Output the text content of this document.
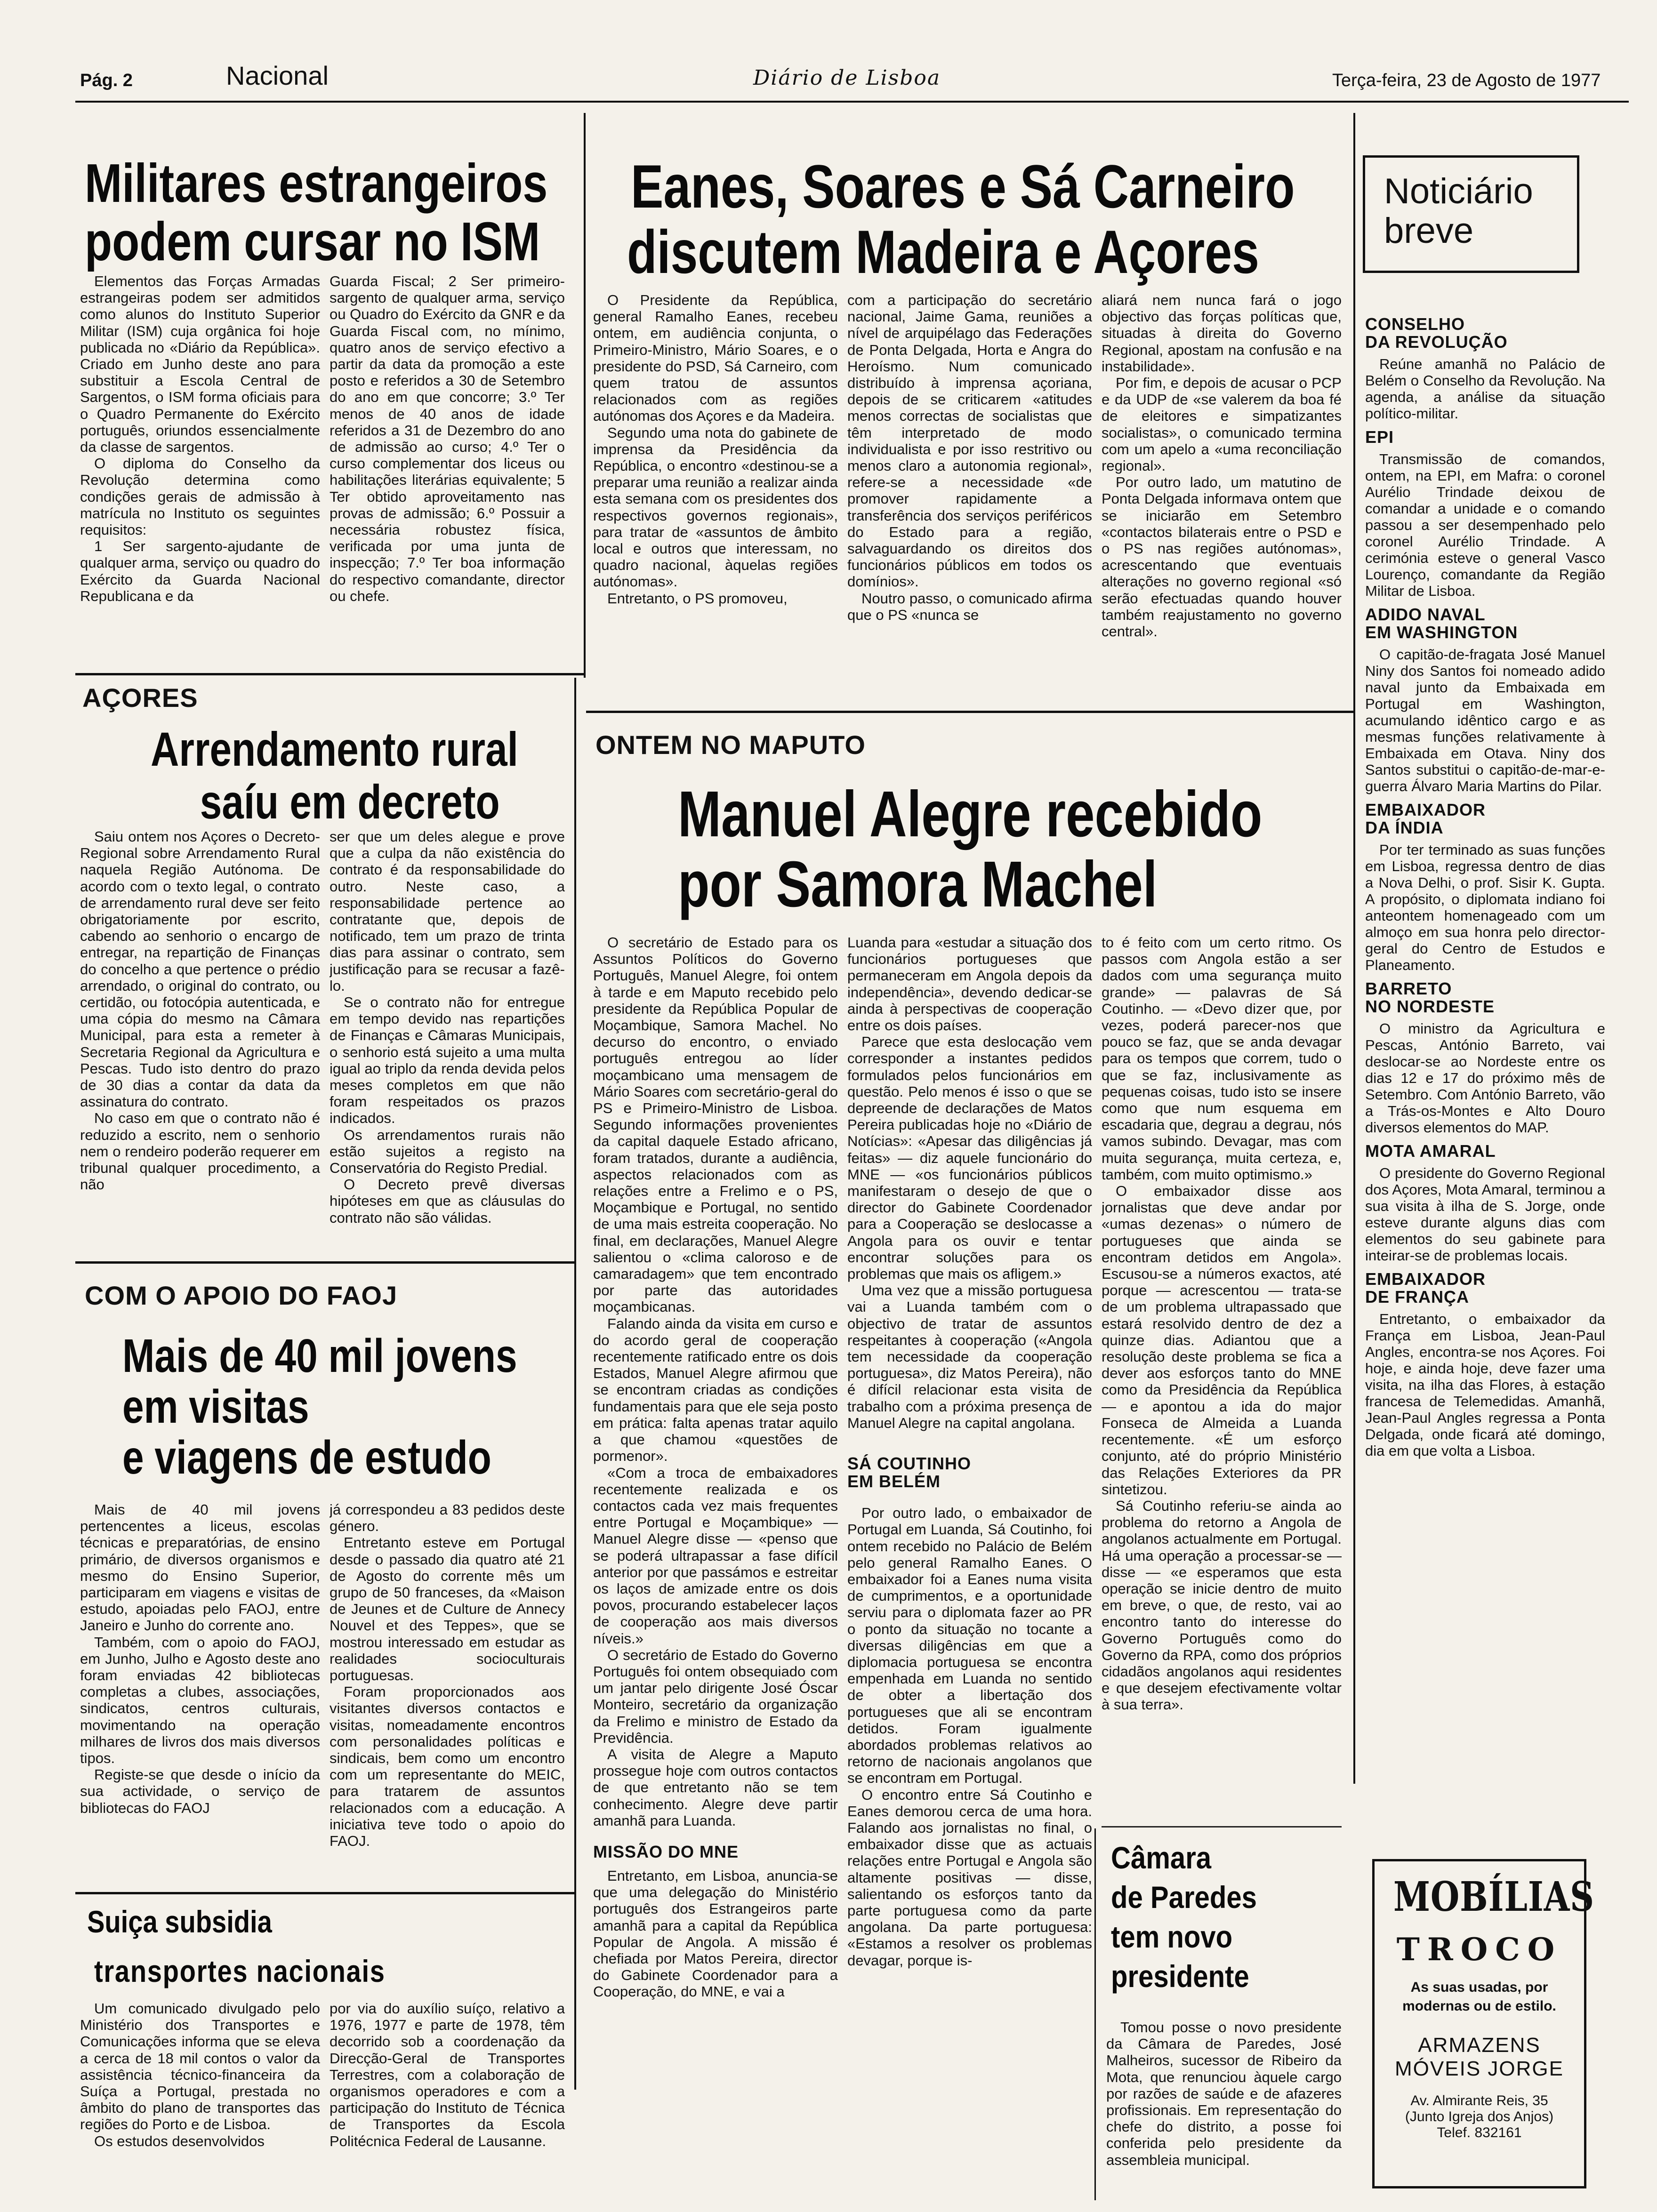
Pág. 2	Nacional	Diário de Lisboa	Terça-feira, 23 de Agosto de 1977
Militares estrangeiros
podem cursar no ISM

Elementos das Forças Armadas estrangeiras podem ser admitidos como alunos do Instituto Superior Militar (ISM) cuja orgânica foi hoje publicada no «Diário da República». Criado em Junho deste ano para substituir a Escola Central de Sargentos, o ISM forma oficiais para o Quadro Permanente do Exército português, oriundos essencialmente da classe de sargentos.

O diploma do Conselho da Revolução determina como condições gerais de admissão à matrícula no Instituto os seguintes requisitos:

1 Ser sargento-ajudante de qualquer arma, serviço ou quadro do Exército da Guarda Nacional Republicana e da

Guarda Fiscal; 2 Ser primeiro-sargento de qualquer arma, serviço ou Quadro do Exército da GNR e da Guarda Fiscal com, no mínimo, quatro anos de serviço efectivo a partir da data da promoção a este posto e referidos a 30 de Setembro do ano em que concorre; 3.º Ter menos de 40 anos de idade referidos a 31 de Dezembro do ano de admissão ao curso; 4.º Ter o curso complementar dos liceus ou habilitações literárias equivalente; 5 Ter obtido aproveitamento nas provas de admissão; 6.º Possuir a necessária robustez física, verificada por uma junta de inspecção; 7.º Ter boa informação do respectivo comandante, director ou chefe.

Eanes, Soares e Sá Carneiro
discutem Madeira e Açores

O Presidente da República, general Ramalho Eanes, recebeu ontem, em audiência conjunta, o Primeiro-Ministro, Mário Soares, e o presidente do PSD, Sá Carneiro, com quem tratou de assuntos relacionados com as regiões autónomas dos Açores e da Madeira.

Segundo uma nota do gabinete de imprensa da Presidência da República, o encontro «destinou-se a preparar uma reunião a realizar ainda esta semana com os presidentes dos respectivos governos regionais», para tratar de «assuntos de âmbito local e outros que interessam, no quadro nacional, àquelas regiões autónomas».

Entretanto, o PS promoveu,

com a participação do secretário nacional, Jaime Gama, reuniões a nível de arquipélago das Federações de Ponta Delgada, Horta e Angra do Heroísmo. Num comunicado distribuído à imprensa açoriana, depois de se criticarem «atitudes menos correctas de socialistas que têm interpretado de modo individualista e por isso restritivo ou menos claro a autonomia regional», refere-se a necessidade «de promover rapidamente a transferência dos serviços periféricos do Estado para a região, salvaguardando os direitos dos funcionários públicos em todos os domínios».

Noutro passo, o comunicado afirma que o PS «nunca se

aliará nem nunca fará o jogo objectivo das forças políticas que, situadas à direita do Governo Regional, apostam na confusão e na instabilidade».

Por fim, e depois de acusar o PCP e da UDP de «se valerem da boa fé de eleitores e simpatizantes socialistas», o comunicado termina com um apelo a «uma reconciliação regional».

Por outro lado, um matutino de Ponta Delgada informava ontem que se iniciarão em Setembro «contactos bilaterais entre o PSD e o PS nas regiões autónomas», acrescentando que eventuais alterações no governo regional «só serão efectuadas quando houver também reajustamento no governo central».

Noticiário
breve
CONSELHO
DA REVOLUÇÃO

Reúne amanhã no Palácio de Belém o Conselho da Revolução. Na agenda, a análise da situação político-militar.

EPI

Transmissão de comandos, ontem, na EPI, em Mafra: o coronel Aurélio Trindade deixou de comandar a unidade e o comando passou a ser desempenhado pelo coronel Aurélio Trindade. A cerimónia esteve o general Vasco Lourenço, comandante da Região Militar de Lisboa.

ADIDO NAVAL
EM WASHINGTON

O capitão-de-fragata José Manuel Niny dos Santos foi nomeado adido naval junto da Embaixada em Portugal em Washington, acumulando idêntico cargo e as mesmas funções relativamente à Embaixada em Otava. Niny dos Santos substitui o capitão-de-mar-e-guerra Álvaro Maria Martins do Pilar.

EMBAIXADOR
DA ÍNDIA

Por ter terminado as suas funções em Lisboa, regressa dentro de dias a Nova Delhi, o prof. Sisir K. Gupta. A propósito, o diplomata indiano foi anteontem homenageado com um almoço em sua honra pelo director-geral do Centro de Estudos e Planeamento.

BARRETO
NO NORDESTE

O ministro da Agricultura e Pescas, António Barreto, vai deslocar-se ao Nordeste entre os dias 12 e 17 do próximo mês de Setembro. Com António Barreto, vão a Trás-os-Montes e Alto Douro diversos elementos do MAP.

MOTA AMARAL

O presidente do Governo Regional dos Açores, Mota Amaral, terminou a sua visita à ilha de S. Jorge, onde esteve durante alguns dias com elementos do seu gabinete para inteirar-se de problemas locais.

EMBAIXADOR
DE FRANÇA

Entretanto, o embaixador da França em Lisboa, Jean-Paul Angles, encontra-se nos Açores. Foi hoje, e ainda hoje, deve fazer uma visita, na ilha das Flores, à estação francesa de Telemedidas. Amanhã, Jean-Paul Angles regressa a Ponta Delgada, onde ficará até domingo, dia em que volta a Lisboa.

AÇORES
Arrendamento rural
saíu em decreto

Saiu ontem nos Açores o Decreto-Regional sobre Arrendamento Rural naquela Região Autónoma. De acordo com o texto legal, o contrato de arrendamento rural deve ser feito obrigatoriamente por escrito, cabendo ao senhorio o encargo de entregar, na repartição de Finanças do concelho a que pertence o prédio arrendado, o original do contrato, ou certidão, ou fotocópia autenticada, e uma cópia do mesmo na Câmara Municipal, para esta a remeter à Secretaria Regional da Agricultura e Pescas. Tudo isto dentro do prazo de 30 dias a contar da data da assinatura do contrato.

No caso em que o contrato não é reduzido a escrito, nem o senhorio nem o rendeiro poderão requerer em tribunal qualquer procedimento, a não

ser que um deles alegue e prove que a culpa da não existência do contrato é da responsabilidade do outro. Neste caso, a responsabilidade pertence ao contratante que, depois de notificado, tem um prazo de trinta dias para assinar o contrato, sem justificação para se recusar a fazê-lo.

Se o contrato não for entregue em tempo devido nas repartições de Finanças e Câmaras Municipais, o senhorio está sujeito a uma multa igual ao triplo da renda devida pelos meses completos em que não foram respeitados os prazos indicados.

Os arrendamentos rurais não estão sujeitos a registo na Conservatória do Registo Predial.

O Decreto prevê diversas hipóteses em que as cláusulas do contrato não são válidas.

ONTEM NO MAPUTO
Manuel Alegre recebido
por Samora Machel

O secretário de Estado para os Assuntos Políticos do Governo Português, Manuel Alegre, foi ontem à tarde e em Maputo recebido pelo presidente da República Popular de Moçambique, Samora Machel. No decurso do encontro, o enviado português entregou ao líder moçambicano uma mensagem de Mário Soares com secretário-geral do PS e Primeiro-Ministro de Lisboa. Segundo informações provenientes da capital daquele Estado africano, foram tratados, durante a audiência, aspectos relacionados com as relações entre a Frelimo e o PS, Moçambique e Portugal, no sentido de uma mais estreita cooperação. No final, em declarações, Manuel Alegre salientou o «clima caloroso e de camaradagem» que tem encontrado por parte das autoridades moçambicanas.

Falando ainda da visita em curso e do acordo geral de cooperação recentemente ratificado entre os dois Estados, Manuel Alegre afirmou que se encontram criadas as condições fundamentais para que ele seja posto em prática: falta apenas tratar aquilo a que chamou «questões de pormenor».

«Com a troca de embaixadores recentemente realizada e os contactos cada vez mais frequentes entre Portugal e Moçambique» — Manuel Alegre disse — «penso que se poderá ultrapassar a fase difícil anterior por que passámos e estreitar os laços de amizade entre os dois povos, procurando estabelecer laços de cooperação aos mais diversos níveis.»

O secretário de Estado do Governo Português foi ontem obsequiado com um jantar pelo dirigente José Óscar Monteiro, secretário da organização da Frelimo e ministro de Estado da Previdência.

A visita de Alegre a Maputo prossegue hoje com outros contactos de que entretanto não se tem conhecimento. Alegre deve partir amanhã para Luanda.

MISSÃO DO MNE

Entretanto, em Lisboa, anuncia-se que uma delegação do Ministério português dos Estrangeiros parte amanhã para a capital da República Popular de Angola. A missão é chefiada por Matos Pereira, director do Gabinete Coordenador para a Cooperação, do MNE, e vai a

Luanda para «estudar a situação dos funcionários portugueses que permaneceram em Angola depois da independência», devendo dedicar-se ainda à perspectivas de cooperação entre os dois países.

Parece que esta deslocação vem corresponder a instantes pedidos formulados pelos funcionários em questão. Pelo menos é isso o que se depreende de declarações de Matos Pereira publicadas hoje no «Diário de Notícias»: «Apesar das diligências já feitas» — diz aquele funcionário do MNE — «os funcionários públicos manifestaram o desejo de que o director do Gabinete Coordenador para a Cooperação se deslocasse a Angola para os ouvir e tentar encontrar soluções para os problemas que mais os afligem.»

Uma vez que a missão portuguesa vai a Luanda também com o objectivo de tratar de assuntos respeitantes à cooperação («Angola tem necessidade da cooperação portuguesa», diz Matos Pereira), não é difícil relacionar esta visita de trabalho com a próxima presença de Manuel Alegre na capital angolana.

SÁ COUTINHO
EM BELÉM

Por outro lado, o embaixador de Portugal em Luanda, Sá Coutinho, foi ontem recebido no Palácio de Belém pelo general Ramalho Eanes. O embaixador foi a Eanes numa visita de cumprimentos, e a oportunidade serviu para o diplomata fazer ao PR o ponto da situação no tocante a diversas diligências em que a diplomacia portuguesa se encontra empenhada em Luanda no sentido de obter a libertação dos portugueses que ali se encontram detidos. Foram igualmente abordados problemas relativos ao retorno de nacionais angolanos que se encontram em Portugal.

O encontro entre Sá Coutinho e Eanes demorou cerca de uma hora. Falando aos jornalistas no final, o embaixador disse que as actuais relações entre Portugal e Angola são altamente positivas — disse, salientando os esforços tanto da parte portuguesa como da parte angolana. Da parte portuguesa: «Estamos a resolver os problemas devagar, porque is-

to é feito com um certo ritmo. Os passos com Angola estão a ser dados com uma segurança muito grande» — palavras de Sá Coutinho. — «Devo dizer que, por vezes, poderá parecer-nos que pouco se faz, que se anda devagar para os tempos que correm, tudo o que se faz, inclusivamente as pequenas coisas, tudo isto se insere como que num esquema em escadaria que, degrau a degrau, nós vamos subindo. Devagar, mas com muita segurança, muita certeza, e, também, com muito optimismo.»

O embaixador disse aos jornalistas que deve andar por «umas dezenas» o número de portugueses que ainda se encontram detidos em Angola». Escusou-se a números exactos, até porque — acrescentou — trata-se de um problema ultrapassado que estará resolvido dentro de dez a quinze dias. Adiantou que a resolução deste problema se fica a dever aos esforços tanto do MNE como da Presidência da República — e apontou a ida do major Fonseca de Almeida a Luanda recentemente. «É um esforço conjunto, até do próprio Ministério das Relações Exteriores da PR sintetizou.

Sá Coutinho referiu-se ainda ao problema do retorno a Angola de angolanos actualmente em Portugal. Há uma operação a processar-se — disse — «e esperamos que esta operação se inicie dentro de muito em breve, o que, de resto, vai ao encontro tanto do interesse do Governo Português como do Governo da RPA, como dos próprios cidadãos angolanos aqui residentes e que desejem efectivamente voltar à sua terra».

COM O APOIO DO FAOJ
Mais de 40 mil jovens
em visitas
e viagens de estudo

Mais de 40 mil jovens pertencentes a liceus, escolas técnicas e preparatórias, de ensino primário, de diversos organismos e mesmo do Ensino Superior, participaram em viagens e visitas de estudo, apoiadas pelo FAOJ, entre Janeiro e Junho do corrente ano.

Também, com o apoio do FAOJ, em Junho, Julho e Agosto deste ano foram enviadas 42 bibliotecas completas a clubes, associações, sindicatos, centros culturais, movimentando na operação milhares de livros dos mais diversos tipos.

Registe-se que desde o início da sua actividade, o serviço de bibliotecas do FAOJ

já correspondeu a 83 pedidos deste género.

Entretanto esteve em Portugal desde o passado dia quatro até 21 de Agosto do corrente mês um grupo de 50 franceses, da «Maison de Jeunes et de Culture de Annecy Nouvel et des Teppes», que se mostrou interessado em estudar as realidades socioculturais portuguesas.

Foram proporcionados aos visitantes diversos contactos e visitas, nomeadamente encontros com personalidades políticas e sindicais, bem como um encontro com um representante do MEIC, para tratarem de assuntos relacionados com a educação. A iniciativa teve todo o apoio do FAOJ.

Suiça subsidia
transportes nacionais

Um comunicado divulgado pelo Ministério dos Transportes e Comunicações informa que se eleva a cerca de 18 mil contos o valor da assistência técnico-financeira da Suíça a Portugal, prestada no âmbito do plano de transportes das regiões do Porto e de Lisboa.

Os estudos desenvolvidos

por via do auxílio suíço, relativo a 1976, 1977 e parte de 1978, têm decorrido sob a coordenação da Direcção-Geral de Transportes Terrestres, com a colaboração de organismos operadores e com a participação do Instituto de Técnica de Transportes da Escola Politécnica Federal de Lausanne.

Câmara
de Paredes
tem novo
presidente

Tomou posse o novo presidente da Câmara de Paredes, José Malheiros, sucessor de Ribeiro da Mota, que renunciou àquele cargo por razões de saúde e de afazeres profissionais. Em representação do chefe do distrito, a posse foi conferida pelo presidente da assembleia municipal.

MOBÍLIAS
TROCO
As suas usadas, por modernas ou de estilo.
ARMAZENS
MÓVEIS JORGE
Av. Almirante Reis, 35
(Junto Igreja dos Anjos)
Telef. 832161
